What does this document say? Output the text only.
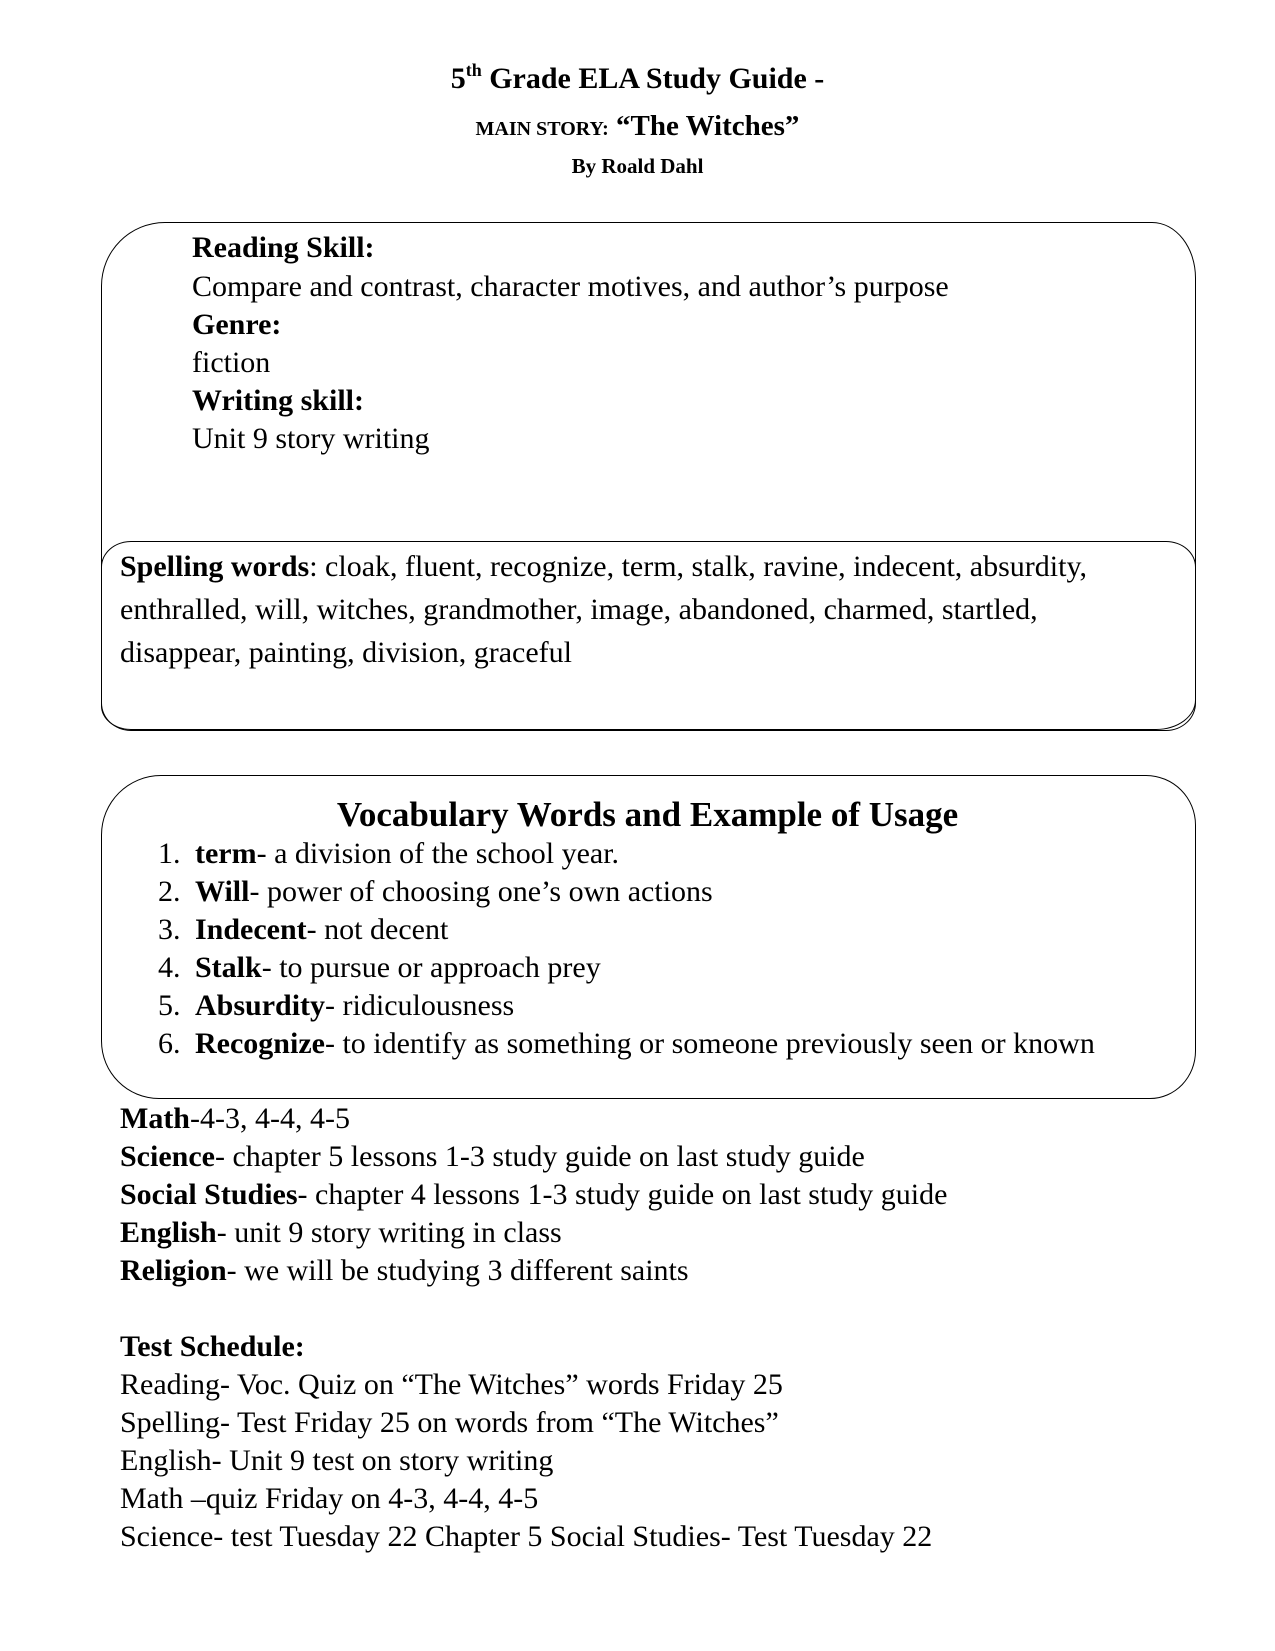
5th Grade ELA Study Guide -
MAIN STORY: “The Witches”
By Roald Dahl
Reading Skill:
Compare and contrast, character motives, and author’s purpose
Genre:
fiction
Writing skill:
Unit 9 story writing
Spelling words: cloak, fluent, recognize, term, stalk, ravine, indecent, absurdity,
enthralled, will, witches, grandmother, image, abandoned, charmed, startled,
disappear, painting, division, graceful
Vocabulary Words and Example of Usage
1. term- a division of the school year.
2. Will- power of choosing one’s own actions
3. Indecent- not decent
4. Stalk- to pursue or approach prey
5. Absurdity- ridiculousness
6. Recognize- to identify as something or someone previously seen or known
Math-4-3, 4-4, 4-5
Science- chapter 5 lessons 1-3 study guide on last study guide
Social Studies- chapter 4 lessons 1-3 study guide on last study guide
English- unit 9 story writing in class
Religion- we will be studying 3 different saints
Test Schedule:
Reading- Voc. Quiz on “The Witches” words Friday 25
Spelling- Test Friday 25 on words from “The Witches”
English- Unit 9 test on story writing
Math –quiz Friday on 4-3, 4-4, 4-5
Science- test Tuesday 22 Chapter 5 Social Studies- Test Tuesday 22
